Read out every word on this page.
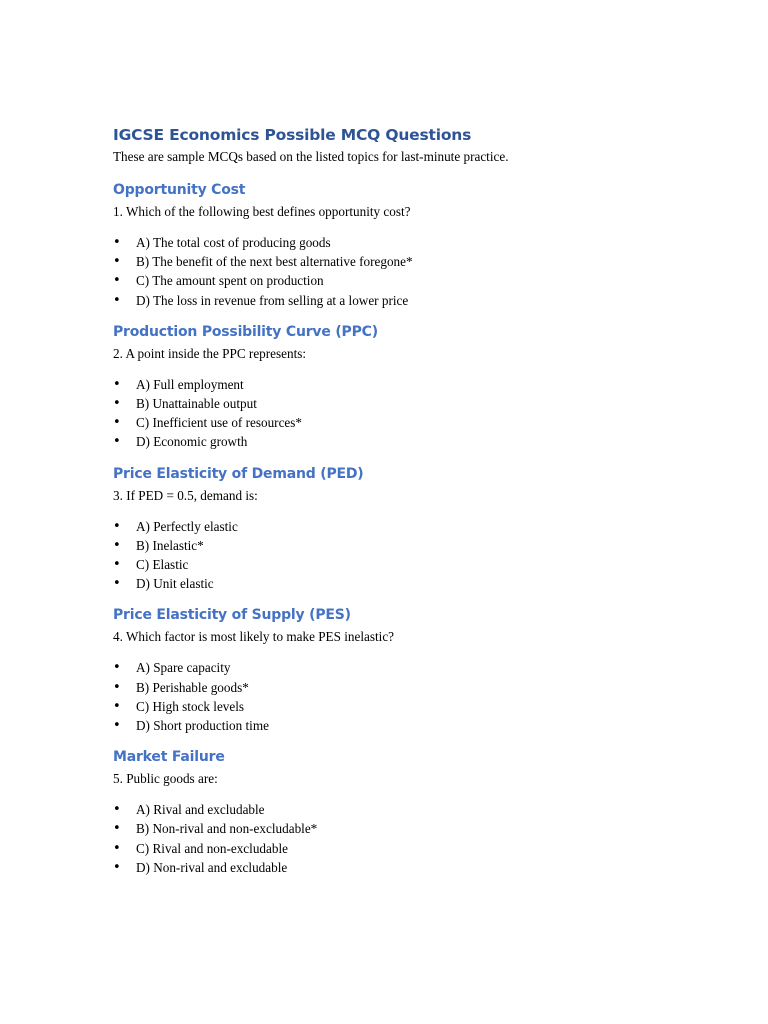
IGCSE Economics Possible MCQ Questions

These are sample MCQs based on the listed topics for last-minute practice.

Opportunity Cost

1. Which of the following best defines opportunity cost?

• A) The total cost of producing goods
• B) The benefit of the next best alternative foregone*
• C) The amount spent on production
• D) The loss in revenue from selling at a lower price
Production Possibility Curve (PPC)

2. A point inside the PPC represents:

• A) Full employment
• B) Unattainable output
• C) Inefficient use of resources*
• D) Economic growth
Price Elasticity of Demand (PED)

3. If PED = 0.5, demand is:

• A) Perfectly elastic
• B) Inelastic*
• C) Elastic
• D) Unit elastic
Price Elasticity of Supply (PES)

4. Which factor is most likely to make PES inelastic?

• A) Spare capacity
• B) Perishable goods*
• C) High stock levels
• D) Short production time
Market Failure

5. Public goods are:

• A) Rival and excludable
• B) Non-rival and non-excludable*
• C) Rival and non-excludable
• D) Non-rival and excludable
